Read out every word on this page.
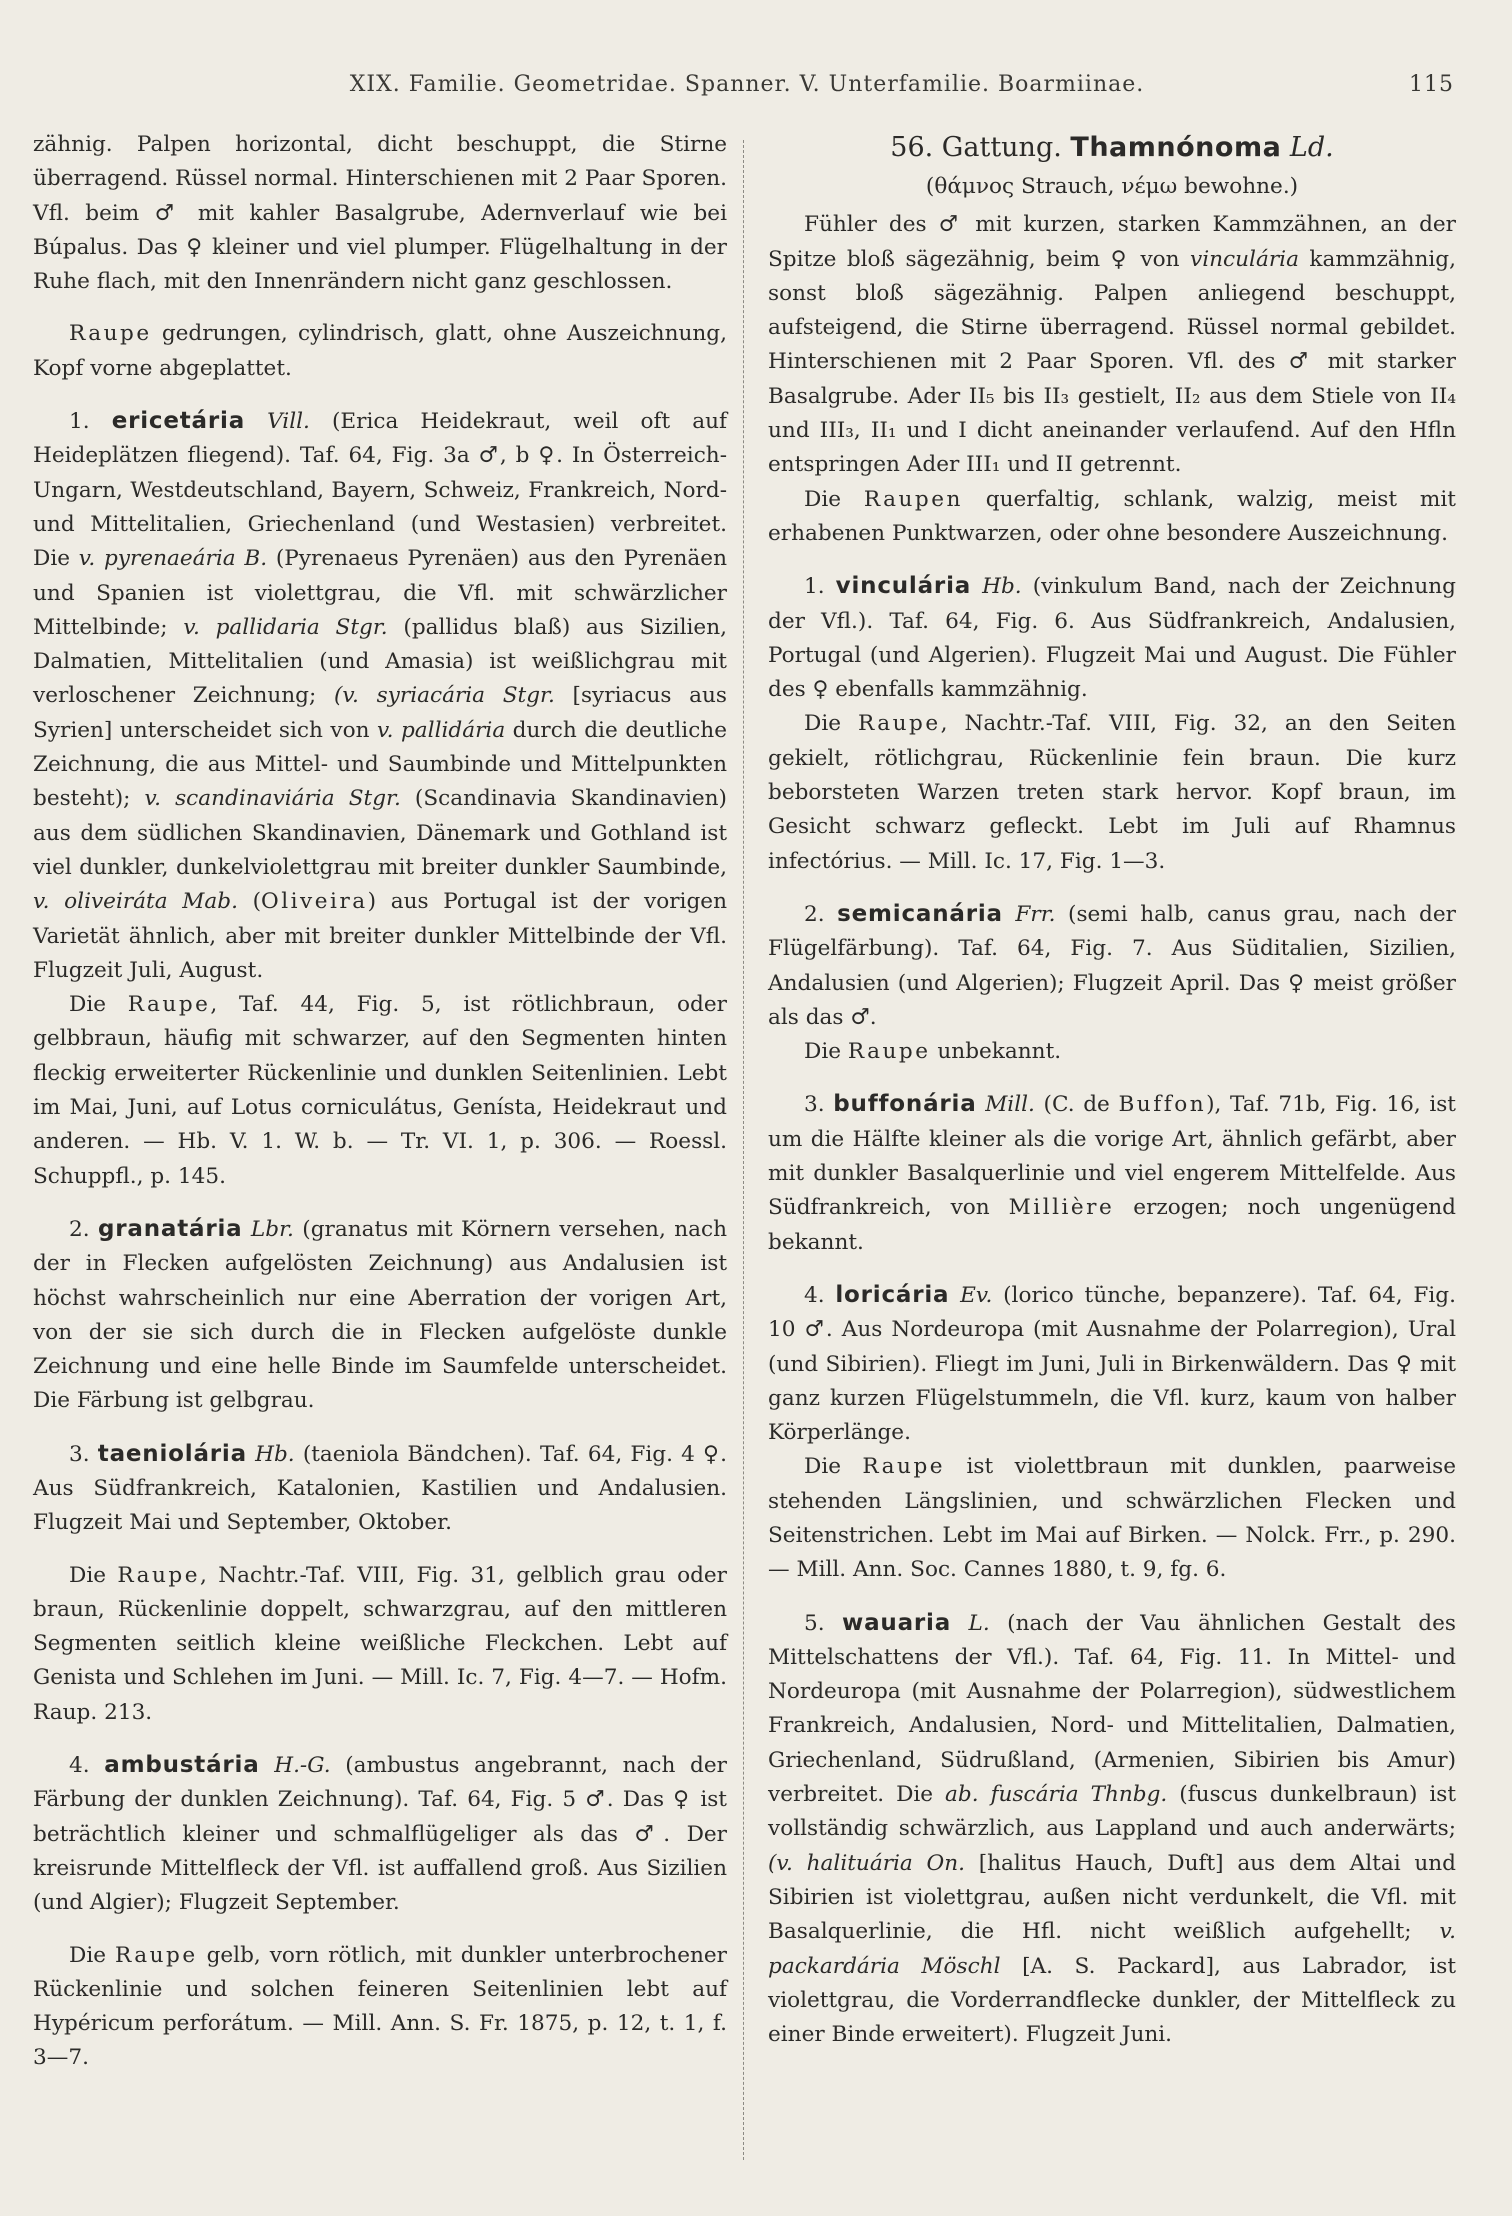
XIX. Familie. Geometridae. Spanner. V. Unterfamilie. Boarmiinae.	115

zähnig. Palpen horizontal, dicht beschuppt, die Stirne überragend. Rüssel normal. Hinterschienen mit 2 Paar Sporen. Vfl. beim ♂ mit kahler Basalgrube, Adernverlauf wie bei Búpalus. Das ♀ kleiner und viel plumper. Flügelhaltung in der Ruhe flach, mit den Innenrändern nicht ganz geschlossen.

Raupe gedrungen, cylindrisch, glatt, ohne Auszeichnung, Kopf vorne abgeplattet.

1. ericetária Vill. (Erica Heidekraut, weil oft auf Heideplätzen fliegend). Taf. 64, Fig. 3a ♂, b ♀. In Österreich-Ungarn, Westdeutschland, Bayern, Schweiz, Frankreich, Nord- und Mittelitalien, Griechenland (und Westasien) verbreitet. Die v. pyrenaeária B. (Pyrenaeus Pyrenäen) aus den Pyrenäen und Spanien ist violettgrau, die Vfl. mit schwärzlicher Mittelbinde; v. pallidaria Stgr. (pallidus blaß) aus Sizilien, Dalmatien, Mittelitalien (und Amasia) ist weißlichgrau mit verloschener Zeichnung; (v. syriacária Stgr. [syriacus aus Syrien] unterscheidet sich von v. pallidária durch die deutliche Zeichnung, die aus Mittel- und Saumbinde und Mittelpunkten besteht); v. scandinaviária Stgr. (Scandinavia Skandinavien) aus dem südlichen Skandinavien, Dänemark und Gothland ist viel dunkler, dunkelviolettgrau mit breiter dunkler Saumbinde, v. oliveiráta Mab. (Oliveira) aus Portugal ist der vorigen Varietät ähnlich, aber mit breiter dunkler Mittelbinde der Vfl. Flugzeit Juli, August.

Die Raupe, Taf. 44, Fig. 5, ist rötlichbraun, oder gelbbraun, häufig mit schwarzer, auf den Segmenten hinten fleckig erweiterter Rückenlinie und dunklen Seitenlinien. Lebt im Mai, Juni, auf Lotus corniculátus, Genísta, Heidekraut und anderen. — Hb. V. 1. W. b. — Tr. VI. 1, p. 306. — Roessl. Schuppfl., p. 145.

2. granatária Lbr. (granatus mit Körnern versehen, nach der in Flecken aufgelösten Zeichnung) aus Andalusien ist höchst wahrscheinlich nur eine Aberration der vorigen Art, von der sie sich durch die in Flecken aufgelöste dunkle Zeichnung und eine helle Binde im Saumfelde unterscheidet. Die Färbung ist gelbgrau.

3. taeniolária Hb. (taeniola Bändchen). Taf. 64, Fig. 4 ♀. Aus Südfrankreich, Katalonien, Kastilien und Andalusien. Flugzeit Mai und September, Oktober.

Die Raupe, Nachtr.-Taf. VIII, Fig. 31, gelblich grau oder braun, Rückenlinie doppelt, schwarzgrau, auf den mittleren Segmenten seitlich kleine weißliche Fleckchen. Lebt auf Genista und Schlehen im Juni. — Mill. Ic. 7, Fig. 4—7. — Hofm. Raup. 213.

4. ambustária H.-G. (ambustus angebrannt, nach der Färbung der dunklen Zeichnung). Taf. 64, Fig. 5 ♂. Das ♀ ist beträchtlich kleiner und schmalflügeliger als das ♂. Der kreisrunde Mittelfleck der Vfl. ist auffallend groß. Aus Sizilien (und Algier); Flugzeit September.

Die Raupe gelb, vorn rötlich, mit dunkler unterbrochener Rückenlinie und solchen feineren Seitenlinien lebt auf Hypéricum perforátum. — Mill. Ann. S. Fr. 1875, p. 12, t. 1, f. 3—7.

56. Gattung. Thamnónoma Ld.

(θάμνος Strauch, νέμω bewohne.)

Fühler des ♂ mit kurzen, starken Kammzähnen, an der Spitze bloß sägezähnig, beim ♀ von vinculária kammzähnig, sonst bloß sägezähnig. Palpen anliegend beschuppt, aufsteigend, die Stirne überragend. Rüssel normal gebildet. Hinterschienen mit 2 Paar Sporen. Vfl. des ♂ mit starker Basalgrube. Ader II₅ bis II₃ gestielt, II₂ aus dem Stiele von II₄ und III₃, II₁ und I dicht aneinander verlaufend. Auf den Hfln entspringen Ader III₁ und II getrennt.

Die Raupen querfaltig, schlank, walzig, meist mit erhabenen Punktwarzen, oder ohne besondere Auszeichnung.

1. vinculária Hb. (vinkulum Band, nach der Zeichnung der Vfl.). Taf. 64, Fig. 6. Aus Südfrankreich, Andalusien, Portugal (und Algerien). Flugzeit Mai und August. Die Fühler des ♀ ebenfalls kammzähnig.

Die Raupe, Nachtr.-Taf. VIII, Fig. 32, an den Seiten gekielt, rötlichgrau, Rückenlinie fein braun. Die kurz beborsteten Warzen treten stark hervor. Kopf braun, im Gesicht schwarz gefleckt. Lebt im Juli auf Rhamnus infectórius. — Mill. Ic. 17, Fig. 1—3.

2. semicanária Frr. (semi halb, canus grau, nach der Flügelfärbung). Taf. 64, Fig. 7. Aus Süditalien, Sizilien, Andalusien (und Algerien); Flugzeit April. Das ♀ meist größer als das ♂.

Die Raupe unbekannt.

3. buffonária Mill. (C. de Buffon), Taf. 71b, Fig. 16, ist um die Hälfte kleiner als die vorige Art, ähnlich gefärbt, aber mit dunkler Basalquerlinie und viel engerem Mittelfelde. Aus Südfrankreich, von Millière erzogen; noch ungenügend bekannt.

4. loricária Ev. (lorico tünche, bepanzere). Taf. 64, Fig. 10 ♂. Aus Nordeuropa (mit Ausnahme der Polarregion), Ural (und Sibirien). Fliegt im Juni, Juli in Birkenwäldern. Das ♀ mit ganz kurzen Flügelstummeln, die Vfl. kurz, kaum von halber Körperlänge.

Die Raupe ist violettbraun mit dunklen, paarweise stehenden Längslinien, und schwärzlichen Flecken und Seitenstrichen. Lebt im Mai auf Birken. — Nolck. Frr., p. 290. — Mill. Ann. Soc. Cannes 1880, t. 9, fg. 6.

5. wauaria L. (nach der Vau ähnlichen Gestalt des Mittelschattens der Vfl.). Taf. 64, Fig. 11. In Mittel- und Nordeuropa (mit Ausnahme der Polarregion), südwestlichem Frankreich, Andalusien, Nord- und Mittelitalien, Dalmatien, Griechenland, Südrußland, (Armenien, Sibirien bis Amur) verbreitet. Die ab. fuscária Thnbg. (fuscus dunkelbraun) ist vollständig schwärzlich, aus Lappland und auch anderwärts; (v. halituária On. [halitus Hauch, Duft] aus dem Altai und Sibirien ist violettgrau, außen nicht verdunkelt, die Vfl. mit Basalquerlinie, die Hfl. nicht weißlich aufgehellt; v. packardária Möschl [A. S. Packard], aus Labrador, ist violettgrau, die Vorderrandflecke dunkler, der Mittelfleck zu einer Binde erweitert). Flugzeit Juni.
